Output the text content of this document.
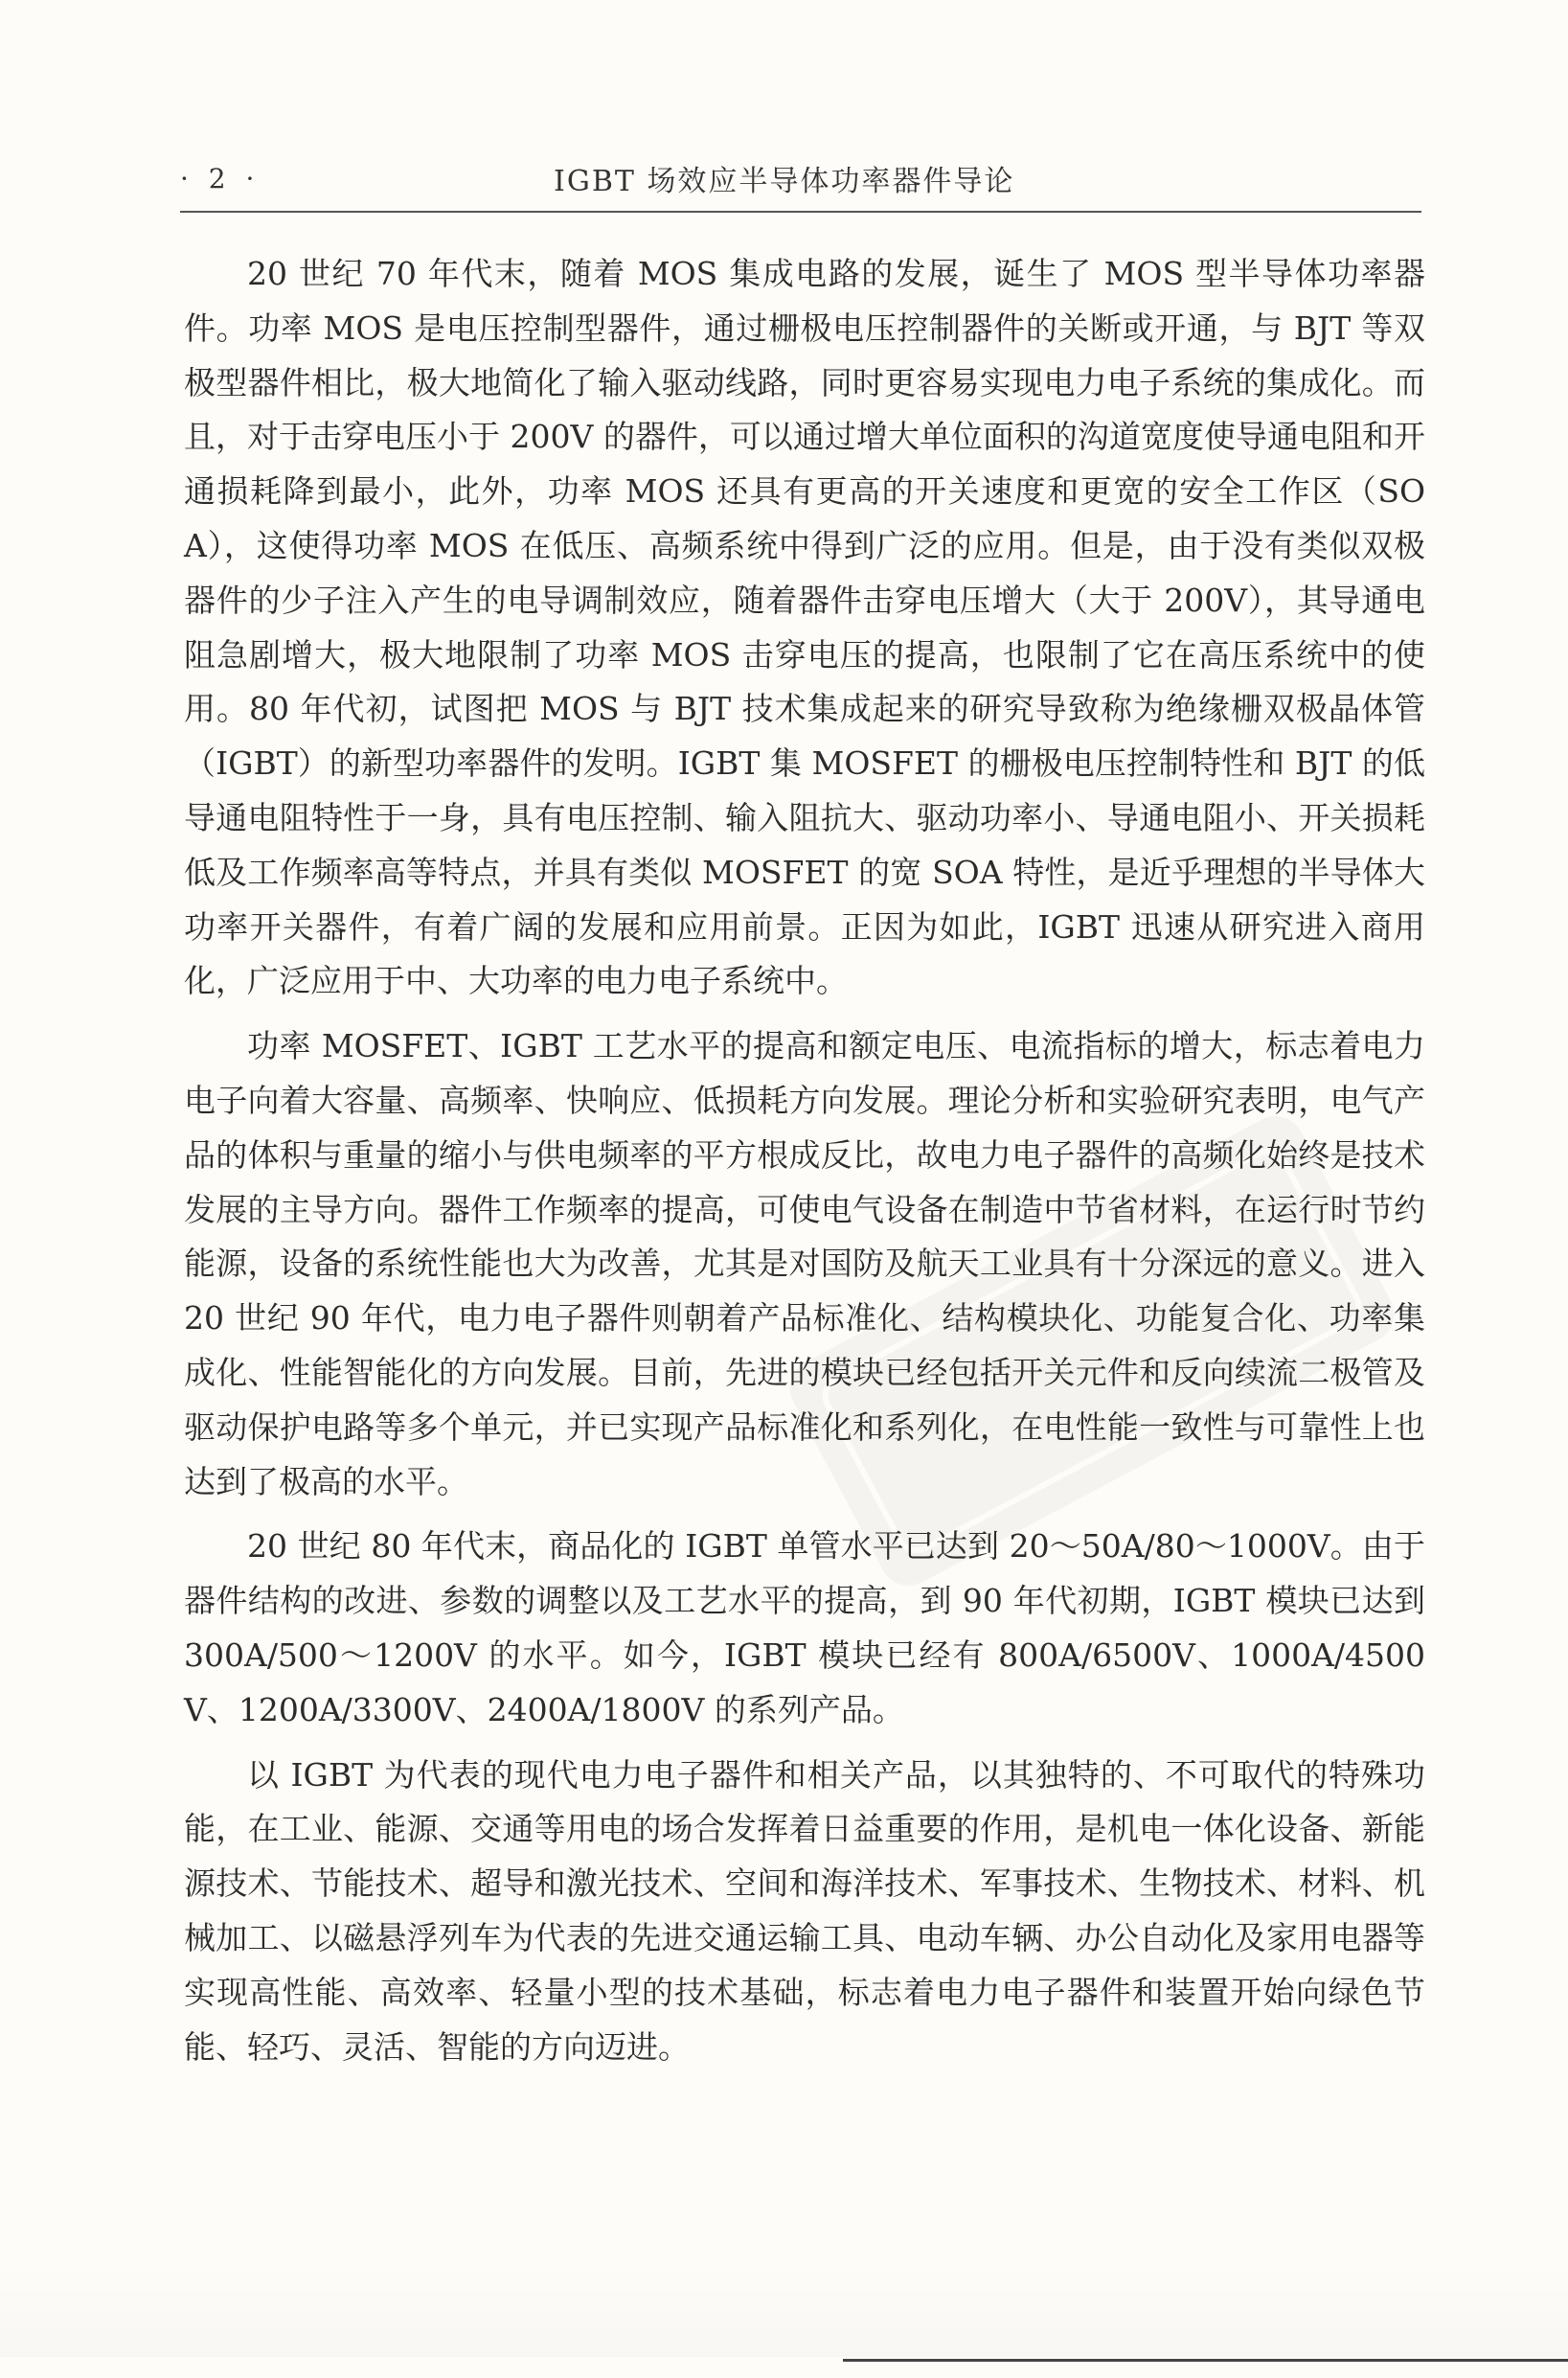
· 2 ·	IGBT 场效应半导体功率器件导论

20 世纪 70 年代末，随着 MOS 集成电路的发展，诞生了 MOS 型半导体功率器件。功率 MOS 是电压控制型器件，通过栅极电压控制器件的关断或开通，与 BJT 等双极型器件相比，极大地简化了输入驱动线路，同时更容易实现电力电子系统的集成化。而且，对于击穿电压小于 200V 的器件，可以通过增大单位面积的沟道宽度使导通电阻和开通损耗降到最小，此外，功率 MOS 还具有更高的开关速度和更宽的安全工作区（SOA），这使得功率 MOS 在低压、高频系统中得到广泛的应用。但是，由于没有类似双极器件的少子注入产生的电导调制效应，随着器件击穿电压增大（大于 200V），其导通电阻急剧增大，极大地限制了功率 MOS 击穿电压的提高，也限制了它在高压系统中的使用。80 年代初，试图把 MOS 与 BJT 技术集成起来的研究导致称为绝缘栅双极晶体管（IGBT）的新型功率器件的发明。IGBT 集 MOSFET 的栅极电压控制特性和 BJT 的低导通电阻特性于一身，具有电压控制、输入阻抗大、驱动功率小、导通电阻小、开关损耗低及工作频率高等特点，并具有类似 MOSFET 的宽 SOA 特性，是近乎理想的半导体大功率开关器件，有着广阔的发展和应用前景。正因为如此，IGBT 迅速从研究进入商用化，广泛应用于中、大功率的电力电子系统中。

功率 MOSFET、IGBT 工艺水平的提高和额定电压、电流指标的增大，标志着电力电子向着大容量、高频率、快响应、低损耗方向发展。理论分析和实验研究表明，电气产品的体积与重量的缩小与供电频率的平方根成反比，故电力电子器件的高频化始终是技术发展的主导方向。器件工作频率的提高，可使电气设备在制造中节省材料，在运行时节约能源，设备的系统性能也大为改善，尤其是对国防及航天工业具有十分深远的意义。进入 20 世纪 90 年代，电力电子器件则朝着产品标准化、结构模块化、功能复合化、功率集成化、性能智能化的方向发展。目前，先进的模块已经包括开关元件和反向续流二极管及驱动保护电路等多个单元，并已实现产品标准化和系列化，在电性能一致性与可靠性上也达到了极高的水平。

20 世纪 80 年代末，商品化的 IGBT 单管水平已达到 20～50A/80～1000V。由于器件结构的改进、参数的调整以及工艺水平的提高，到 90 年代初期，IGBT 模块已达到 300A/500～1200V 的水平。如今，IGBT 模块已经有 800A/6500V、1000A/4500V、1200A/3300V、2400A/1800V 的系列产品。

以 IGBT 为代表的现代电力电子器件和相关产品，以其独特的、不可取代的特殊功能，在工业、能源、交通等用电的场合发挥着日益重要的作用，是机电一体化设备、新能源技术、节能技术、超导和激光技术、空间和海洋技术、军事技术、生物技术、材料、机械加工、以磁悬浮列车为代表的先进交通运输工具、电动车辆、办公自动化及家用电器等实现高性能、高效率、轻量小型的技术基础，标志着电力电子器件和装置开始向绿色节能、轻巧、灵活、智能的方向迈进。
